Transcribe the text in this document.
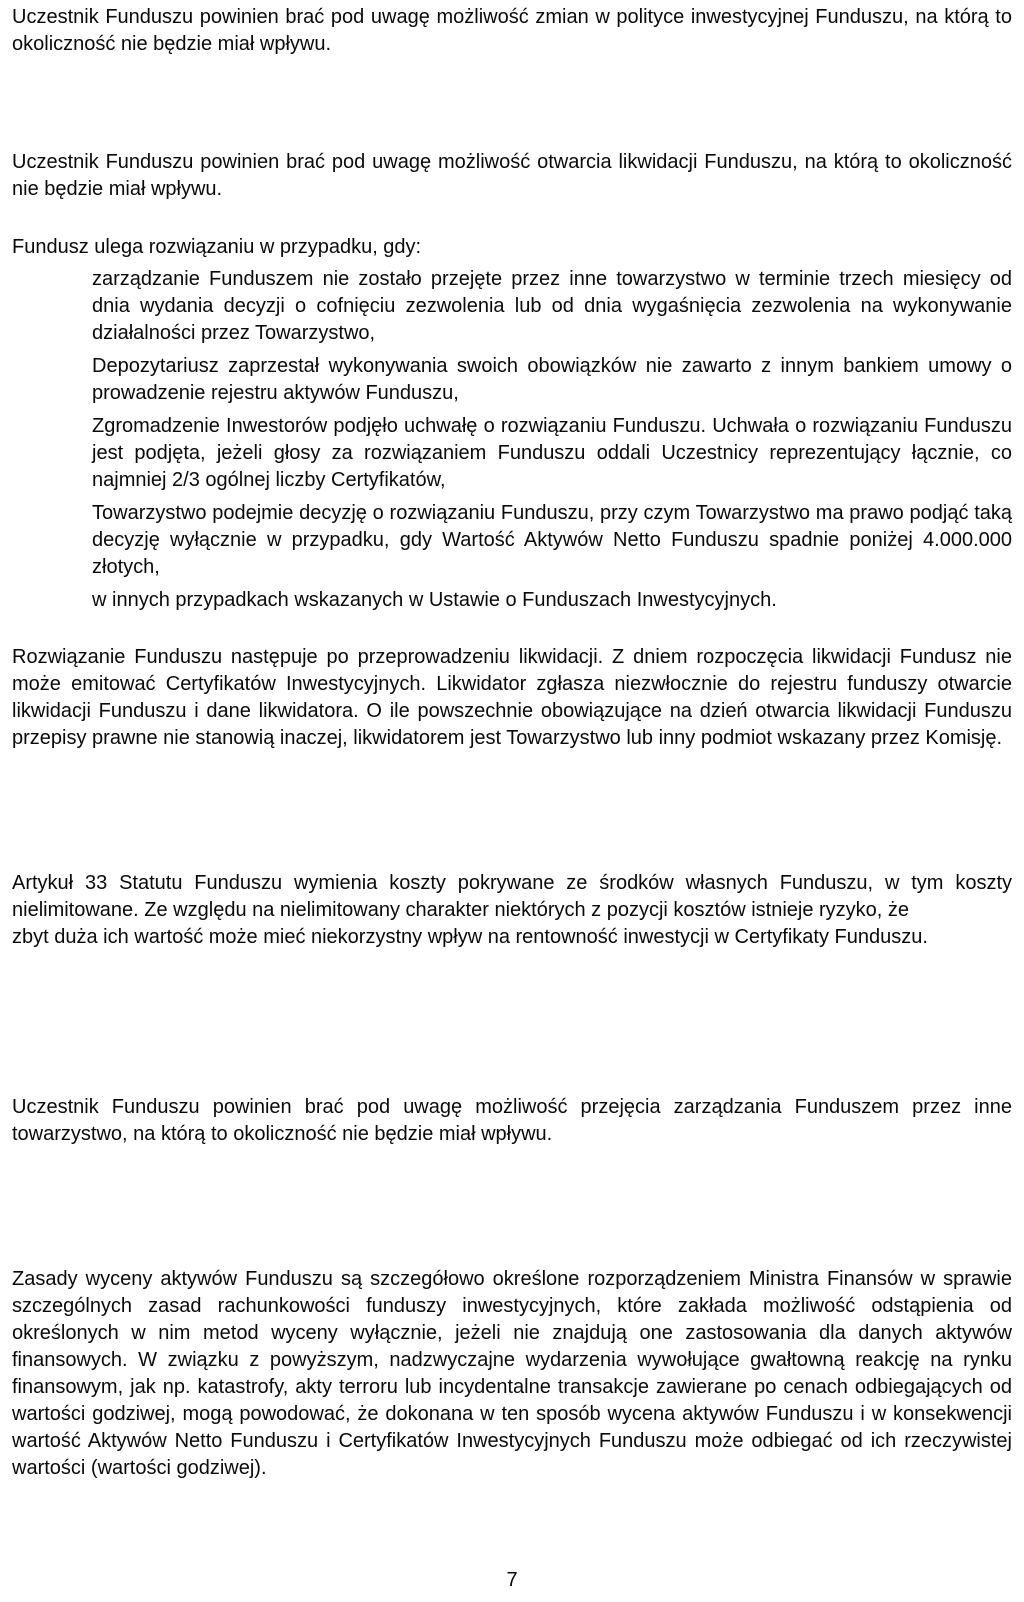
Uczestnik Funduszu powinien brać pod uwagę możliwość zmian w polityce inwestycyjnej Funduszu, na którą to okoliczność nie będzie miał wpływu.

Uczestnik Funduszu powinien brać pod uwagę możliwość otwarcia likwidacji Funduszu, na którą to okoliczność nie będzie miał wpływu.

Fundusz ulega rozwiązaniu w przypadku, gdy:

zarządzanie Funduszem nie zostało przejęte przez inne towarzystwo w terminie trzech miesięcy od dnia wydania decyzji o cofnięciu zezwolenia lub od dnia wygaśnięcia zezwolenia na wykonywanie działalności przez Towarzystwo,
Depozytariusz zaprzestał wykonywania swoich obowiązków nie zawarto z innym bankiem umowy o prowadzenie rejestru aktywów Funduszu,
Zgromadzenie Inwestorów podjęło uchwałę o rozwiązaniu Funduszu. Uchwała o rozwiązaniu Funduszu jest podjęta, jeżeli głosy za rozwiązaniem Funduszu oddali Uczestnicy reprezentujący łącznie, co najmniej 2/3 ogólnej liczby Certyfikatów,
Towarzystwo podejmie decyzję o rozwiązaniu Funduszu, przy czym Towarzystwo ma prawo podjąć taką decyzję wyłącznie w przypadku, gdy Wartość Aktywów Netto Funduszu spadnie poniżej 4.000.000 złotych,
w innych przypadkach wskazanych w Ustawie o Funduszach Inwestycyjnych.

Rozwiązanie Funduszu następuje po przeprowadzeniu likwidacji. Z dniem rozpoczęcia likwidacji Fundusz nie może emitować Certyfikatów Inwestycyjnych. Likwidator zgłasza niezwłocznie do rejestru funduszy otwarcie likwidacji Funduszu i dane likwidatora. O ile powszechnie obowiązujące na dzień otwarcia likwidacji Funduszu przepisy prawne nie stanowią inaczej, likwidatorem jest Towarzystwo lub inny podmiot wskazany przez Komisję.

Artykuł 33 Statutu Funduszu wymienia koszty pokrywane ze środków własnych Funduszu, w tym koszty nielimitowane. Ze względu na nielimitowany charakter niektórych z pozycji kosztów istnieje ryzyko, że
zbyt duża ich wartość może mieć niekorzystny wpływ na rentowność inwestycji w Certyfikaty Funduszu.

Uczestnik Funduszu powinien brać pod uwagę możliwość przejęcia zarządzania Funduszem przez inne towarzystwo, na którą to okoliczność nie będzie miał wpływu.

Zasady wyceny aktywów Funduszu są szczegółowo określone rozporządzeniem Ministra Finansów w sprawie szczególnych zasad rachunkowości funduszy inwestycyjnych, które zakłada możliwość odstąpienia od określonych w nim metod wyceny wyłącznie, jeżeli nie znajdują one zastosowania dla danych aktywów finansowych. W związku z powyższym, nadzwyczajne wydarzenia wywołujące gwałtowną reakcję na rynku finansowym, jak np. katastrofy, akty terroru lub incydentalne transakcje zawierane po cenach odbiegających od wartości godziwej, mogą powodować, że dokonana w ten sposób wycena aktywów Funduszu i w konsekwencji wartość Aktywów Netto Funduszu i Certyfikatów Inwestycyjnych Funduszu może odbiegać od ich rzeczywistej wartości (wartości godziwej).

7
